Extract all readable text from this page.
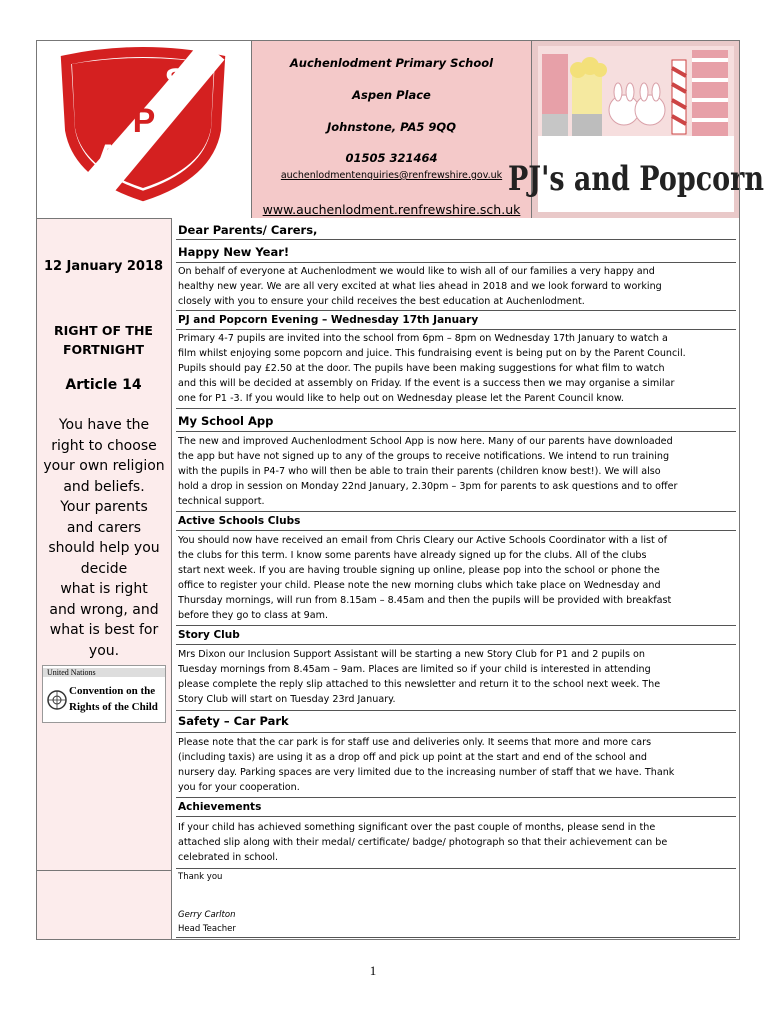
S
P
A
Auchenlodment Primary School
Aspen Place
Johnstone, PA5 9QQ
01505 321464
auchenlodmentenquiries@renfrewshire.gov.uk
www.auchenlodment.renfrewshire.sch.uk
PJ's and Popcorn
12 January 2018
RIGHT OF THE
FORTNIGHT
Article 14
You have the
right to choose
your own religion
and beliefs.
Your parents
and carers
should help you
decide
what is right
and wrong, and
what is best for
you.
United Nations
Convention on the
Rights of the Child
Dear Parents/ Carers,
Happy New Year!
On behalf of everyone at Auchenlodment we would like to wish all of our families a very happy and
healthy new year. We are all very excited at what lies ahead in 2018 and we look forward to working
closely with you to ensure your child receives the best education at Auchenlodment.
PJ and Popcorn Evening – Wednesday 17th January
Primary 4-7 pupils are invited into the school from 6pm – 8pm on Wednesday 17th January to watch a
film whilst enjoying some popcorn and juice. This fundraising event is being put on by the Parent Council.
Pupils should pay £2.50 at the door. The pupils have been making suggestions for what film to watch
and this will be decided at assembly on Friday. If the event is a success then we may organise a similar
one for P1 -3. If you would like to help out on Wednesday please let the Parent Council know.
My School App
The new and improved Auchenlodment School App is now here. Many of our parents have downloaded
the app but have not signed up to any of the groups to receive notifications. We intend to run training
with the pupils in P4-7 who will then be able to train their parents (children know best!). We will also
hold a drop in session on Monday 22nd January, 2.30pm – 3pm for parents to ask questions and to offer
technical support.
Active Schools Clubs
You should now have received an email from Chris Cleary our Active Schools Coordinator with a list of
the clubs for this term. I know some parents have already signed up for the clubs. All of the clubs
start next week. If you are having trouble signing up online, please pop into the school or phone the
office to register your child. Please note the new morning clubs which take place on Wednesday and
Thursday mornings, will run from 8.15am – 8.45am and then the pupils will be provided with breakfast
before they go to class at 9am.
Story Club
Mrs Dixon our Inclusion Support Assistant will be starting a new Story Club for P1 and 2 pupils on
Tuesday mornings from 8.45am – 9am. Places are limited so if your child is interested in attending
please complete the reply slip attached to this newsletter and return it to the school next week. The
Story Club will start on Tuesday 23rd January.
Safety – Car Park
Please note that the car park is for staff use and deliveries only. It seems that more and more cars
(including taxis) are using it as a drop off and pick up point at the start and end of the school and
nursery day. Parking spaces are very limited due to the increasing number of staff that we have. Thank
you for your cooperation.
Achievements
If your child has achieved something significant over the past couple of months, please send in the
attached slip along with their medal/ certificate/ badge/ photograph so that their achievement can be
celebrated in school.
Thank you
Gerry Carlton
Head Teacher
1
